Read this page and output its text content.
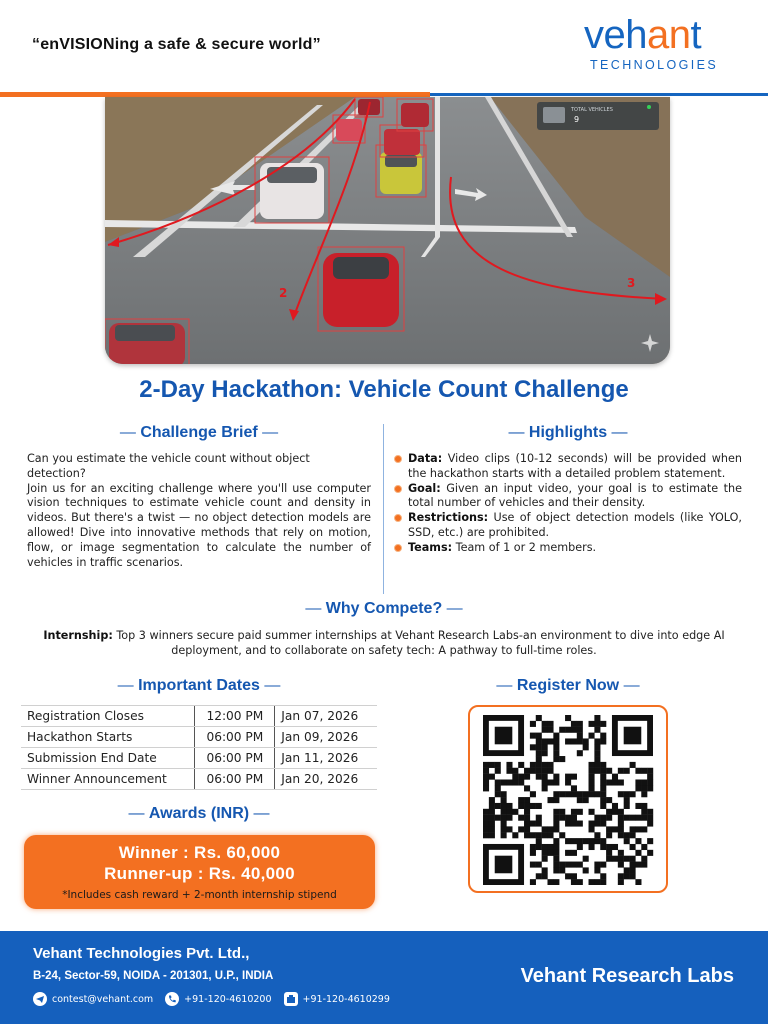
“enVISIONing a safe & secure world”	vehant
TECHNOLOGIES
TOTAL VEHICLES
9
2
3
2-Day Hackathon: Vehicle Count Challenge
— Challenge Brief —
Can you estimate the vehicle count without object detection?
Join us for an exciting challenge where you'll use computer vision techniques to estimate vehicle count and density in videos. But there's a twist — no object detection models are allowed! Dive into innovative methods that rely on motion, flow, or image segmentation to calculate the number of vehicles in traffic scenarios.
— Highlights —
Data: Video clips (10-12 seconds) will be provided when the hackathon starts with a detailed problem statement.
Goal: Given an input video, your goal is to estimate the total number of vehicles and their density.
Restrictions: Use of object detection models (like YOLO, SSD, etc.) are prohibited.
Teams: Team of 1 or 2 members.
— Why Compete? —
Internship: Top 3 winners secure paid summer internships at Vehant Research Labs-an environment to dive into edge AI deployment, and to collaborate on safety tech: A pathway to full-time roles.
— Important Dates —
Registration Closes	12:00 PM	Jan 07, 2026
Hackathon Starts	06:00 PM	Jan 09, 2026
Submission End Date	06:00 PM	Jan 11, 2026
Winner Announcement	06:00 PM	Jan 20, 2026
— Awards (INR) —
Winner : Rs. 60,000
Runner-up : Rs. 40,000
*Includes cash reward + 2-month internship stipend
— Register Now —
Vehant Technologies Pvt. Ltd.,
B-24, Sector-59, NOIDA - 201301, U.P., INDIA
contest@vehant.com	+91-120-4610200	+91-120-4610299
Vehant Research Labs
